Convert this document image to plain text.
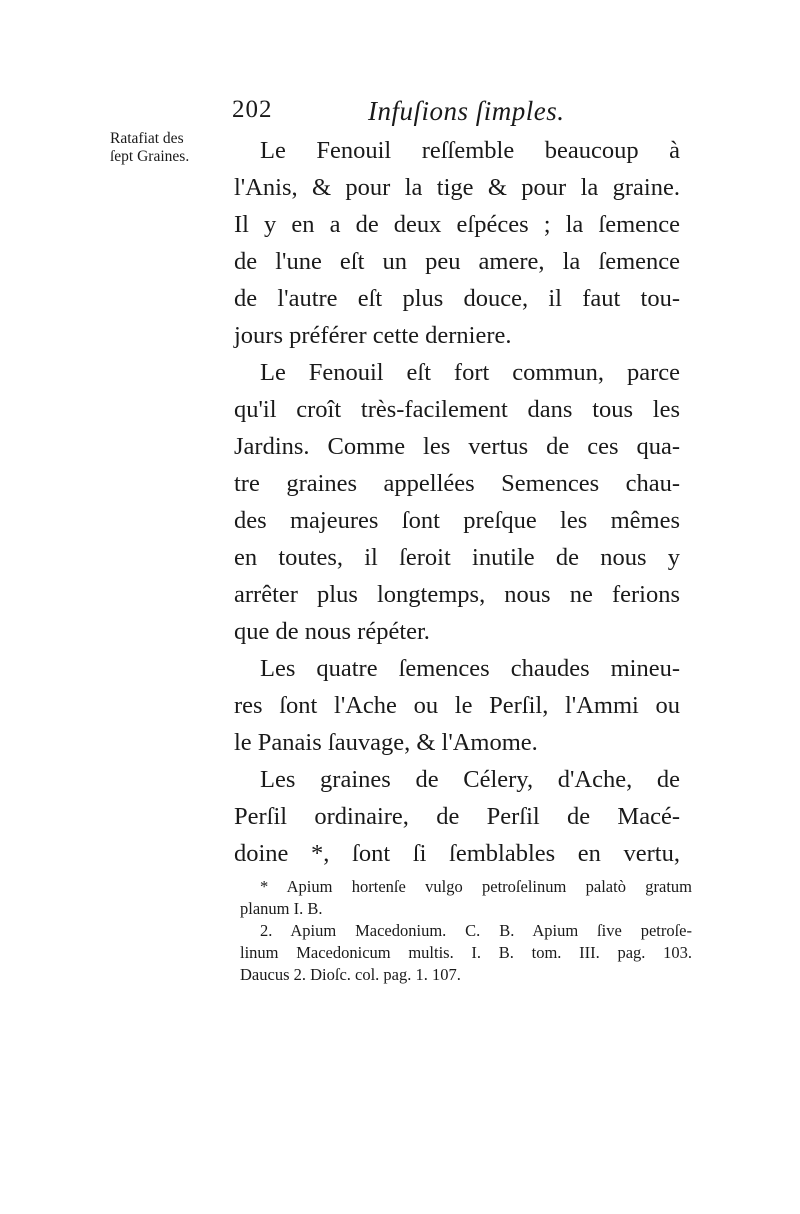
202	Infuſions ſimples.
Ratafiat des
ſept Graines.	Le Fenouil reſſemble beaucoup à
l'Anis, & pour la tige & pour la graine.
Il y en a de deux eſpéces ; la ſemence
de l'une eſt un peu amere, la ſemence
de l'autre eſt plus douce, il faut tou-
jours préférer cette derniere.
Le Fenouil eſt fort commun, parce
qu'il croît très-facilement dans tous les
Jardins. Comme les vertus de ces qua-
tre graines appellées Semences chau-
des majeures ſont preſque les mêmes
en toutes, il ſeroit inutile de nous y
arrêter plus longtemps, nous ne ferions
que de nous répéter.
Les quatre ſemences chaudes mineu-
res ſont l'Ache ou le Perſil, l'Ammi ou
le Panais ſauvage, & l'Amome.
Les graines de Célery, d'Ache, de
Perſil ordinaire, de Perſil de Macé-
doine *, ſont ſi ſemblables en vertu,
* Apium hortenſe vulgo petroſelinum palatò gratum
planum I. B.
2. Apium Macedonium. C. B. Apium ſive petroſe-
linum Macedonicum multis. I. B. tom. III. pag. 103.
Daucus 2. Dioſc. col. pag. 1. 107.
